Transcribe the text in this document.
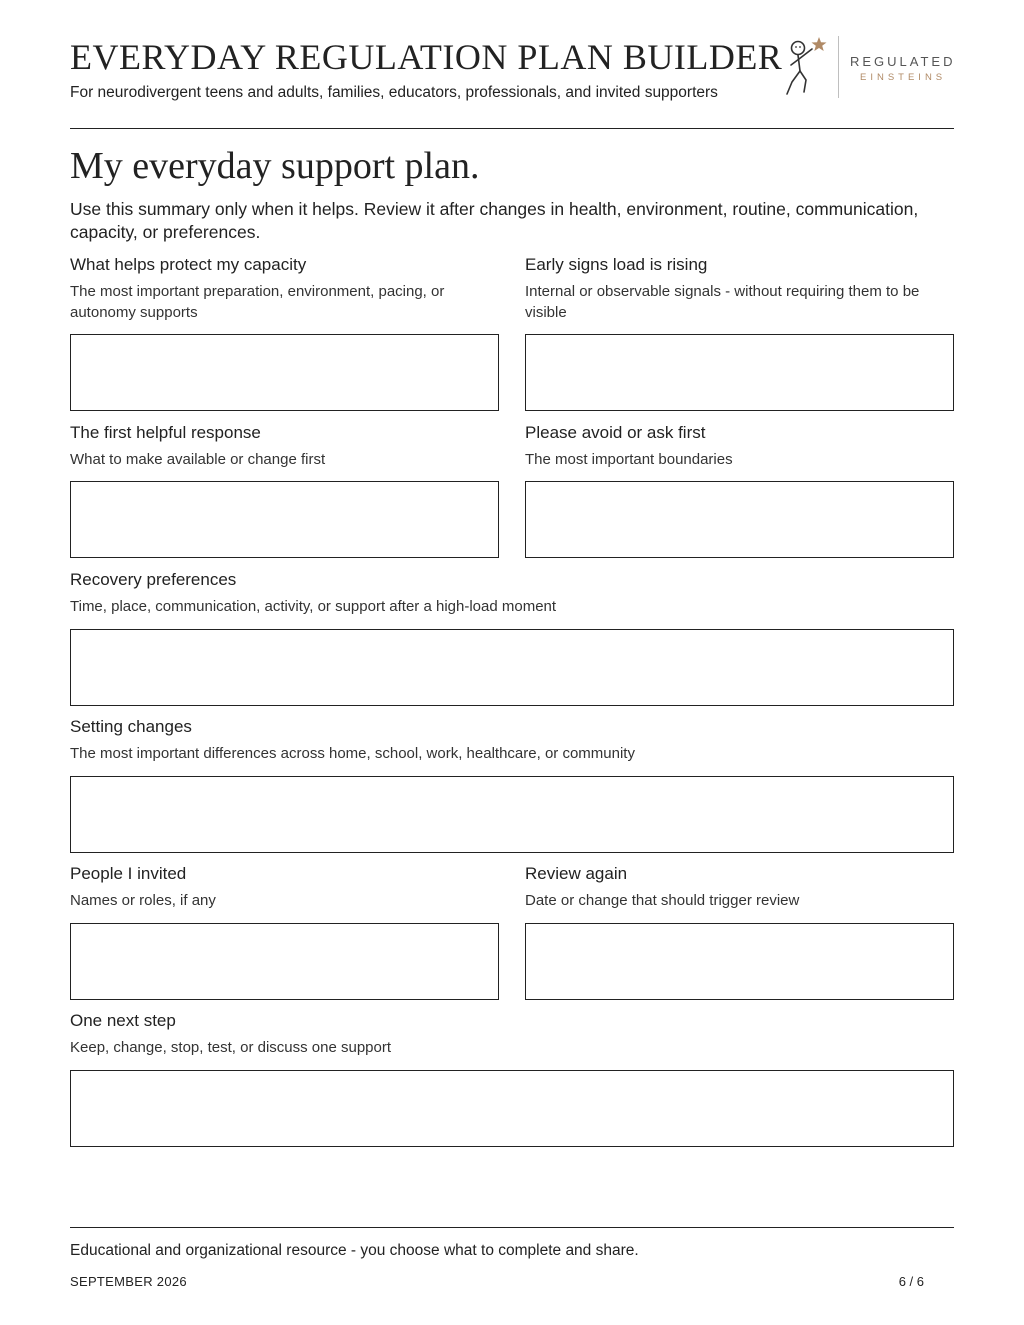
EVERYDAY REGULATION PLAN BUILDER
For neurodivergent teens and adults, families, educators, professionals, and invited supporters
REGULATED
EINSTEINS
My everyday support plan.
Use this summary only when it helps. Review it after changes in health, environment, routine, communication, capacity, or preferences.
What helps protect my capacity
The most important preparation, environment, pacing, or autonomy supports
Early signs load is rising
Internal or observable signals - without requiring them to be visible
The first helpful response
What to make available or change first
Please avoid or ask first
The most important boundaries
Recovery preferences
Time, place, communication, activity, or support after a high-load moment
Setting changes
The most important differences across home, school, work, healthcare, or community
People I invited
Names or roles, if any
Review again
Date or change that should trigger review
One next step
Keep, change, stop, test, or discuss one support
Educational and organizational resource - you choose what to complete and share.
SEPTEMBER 2026	6 / 6
